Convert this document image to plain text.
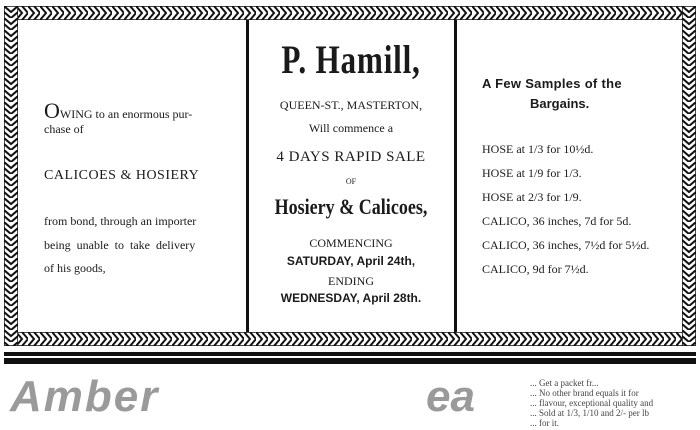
OWING to an enormous pur-

chase of

CALICOES & HOSIERY

from bond, through an importer

being unable to take delivery

of his goods,

P. Hamill,

QUEEN-ST., MASTERTON,

Will commence a

4 DAYS RAPID SALE

OF

Hosiery & Calicoes,

COMMENCING

SATURDAY, April 24th,

ENDING

WEDNESDAY, April 28th.

A Few Samples of the

Bargains.

HOSE at 1/3 for 10½d.

HOSE at 1/9 for 1/3.

HOSE at 2/3 for 1/9.

CALICO, 36 inches, 7d for 5d.

CALICO, 36 inches, 7½d for 5½d.

CALICO, 9d for 7½d.

Amber	ea	... Get a packet fr...
... No other brand equals it for
... flavour, exceptional quality and
... Sold at 1/3, 1/10 and 2/- per lb
... for it.
